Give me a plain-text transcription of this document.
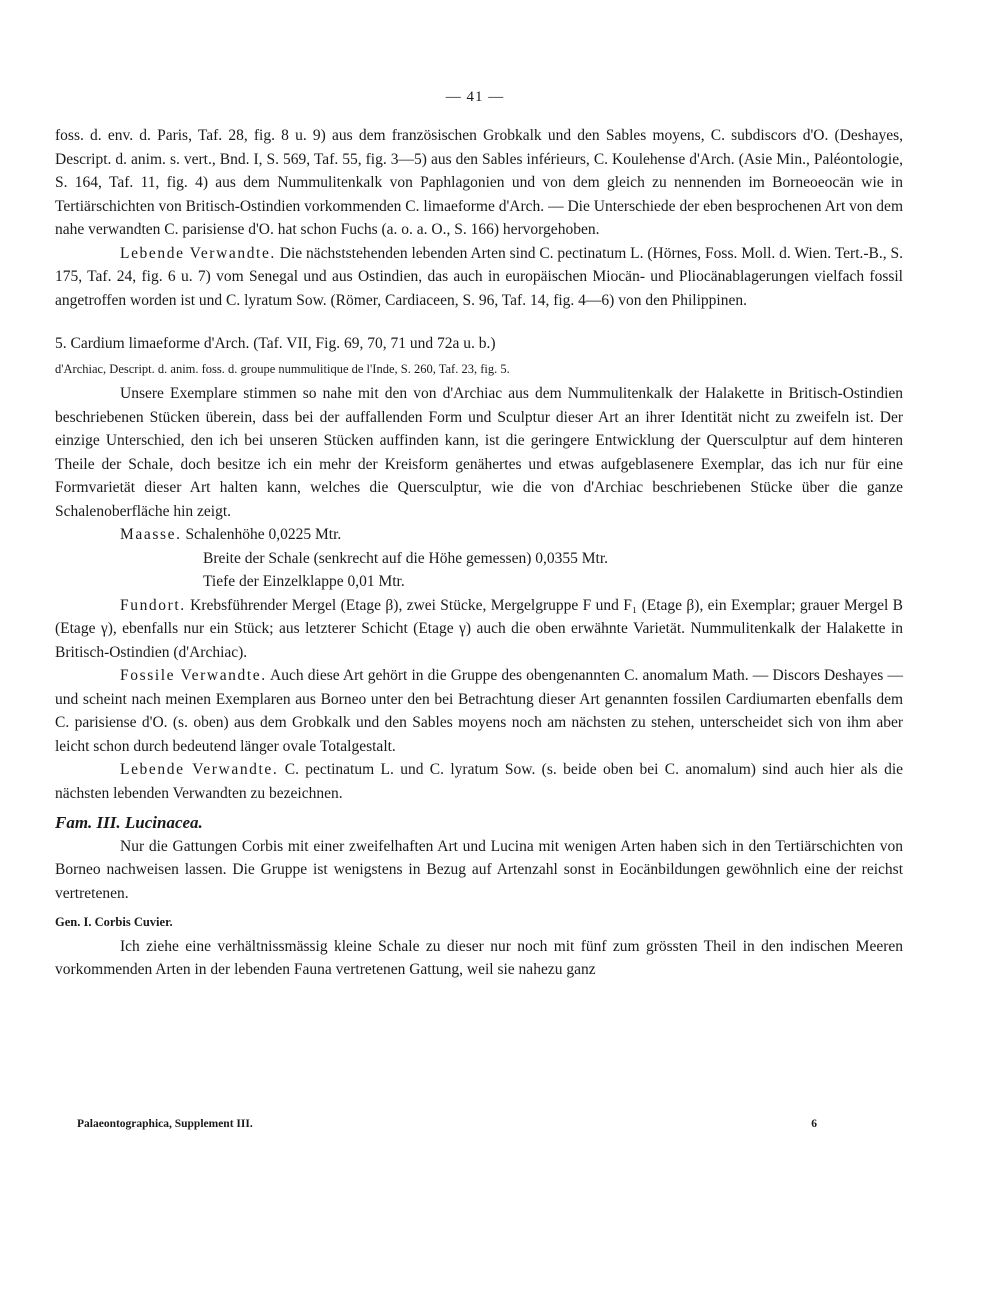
— 41 —

foss. d. env. d. Paris, Taf. 28, fig. 8 u. 9) aus dem französischen Grobkalk und den Sables moyens, C. subdiscors d'O. (Deshayes, Descript. d. anim. s. vert., Bnd. I, S. 569, Taf. 55, fig. 3—5) aus den Sables inférieurs, C. Koulehense d'Arch. (Asie Min., Paléontologie, S. 164, Taf. 11, fig. 4) aus dem Nummulitenkalk von Paphlagonien und von dem gleich zu nennenden im Borneoeocän wie in Tertiärschichten von Britisch-Ostindien vorkommenden C. limaeforme d'Arch. — Die Unterschiede der eben besprochenen Art von dem nahe verwandten C. parisiense d'O. hat schon Fuchs (a. o. a. O., S. 166) hervorgehoben.

Lebende Verwandte. Die nächststehenden lebenden Arten sind C. pectinatum L. (Hörnes, Foss. Moll. d. Wien. Tert.-B., S. 175, Taf. 24, fig. 6 u. 7) vom Senegal und aus Ostindien, das auch in europäischen Miocän- und Pliocänablagerungen vielfach fossil angetroffen worden ist und C. lyratum Sow. (Römer, Cardiaceen, S. 96, Taf. 14, fig. 4—6) von den Philippinen.

5. Cardium limaeforme d'Arch. (Taf. VII, Fig. 69, 70, 71 und 72a u. b.)

d'Archiac, Descript. d. anim. foss. d. groupe nummulitique de l'Inde, S. 260, Taf. 23, fig. 5.

Unsere Exemplare stimmen so nahe mit den von d'Archiac aus dem Nummulitenkalk der Halakette in Britisch-Ostindien beschriebenen Stücken überein, dass bei der auffallenden Form und Sculptur dieser Art an ihrer Identität nicht zu zweifeln ist. Der einzige Unterschied, den ich bei unseren Stücken auffinden kann, ist die geringere Entwicklung der Quersculptur auf dem hinteren Theile der Schale, doch besitze ich ein mehr der Kreisform genähertes und etwas aufgeblasenere Exemplar, das ich nur für eine Formvarietät dieser Art halten kann, welches die Quersculptur, wie die von d'Archiac beschriebenen Stücke über die ganze Schalenoberfläche hin zeigt.

Maasse. Schalenhöhe 0,0225 Mtr.
Breite der Schale (senkrecht auf die Höhe gemessen) 0,0355 Mtr.
Tiefe der Einzelklappe 0,01 Mtr.

Fundort. Krebsführender Mergel (Etage β), zwei Stücke, Mergelgruppe F und F₁ (Etage β), ein Exemplar; grauer Mergel B (Etage γ), ebenfalls nur ein Stück; aus letzterer Schicht (Etage γ) auch die oben erwähnte Varietät. Nummulitenkalk der Halakette in Britisch-Ostindien (d'Archiac).

Fossile Verwandte. Auch diese Art gehört in die Gruppe des obengenannten C. anomalum Math. — Discors Deshayes — und scheint nach meinen Exemplaren aus Borneo unter den bei Betrachtung dieser Art genannten fossilen Cardiumarten ebenfalls dem C. parisiense d'O. (s. oben) aus dem Grobkalk und den Sables moyens noch am nächsten zu stehen, unterscheidet sich von ihm aber leicht schon durch bedeutend länger ovale Totalgestalt.

Lebende Verwandte. C. pectinatum L. und C. lyratum Sow. (s. beide oben bei C. anomalum) sind auch hier als die nächsten lebenden Verwandten zu bezeichnen.

Fam. III. Lucinacea.

Nur die Gattungen Corbis mit einer zweifelhaften Art und Lucina mit wenigen Arten haben sich in den Tertiärschichten von Borneo nachweisen lassen. Die Gruppe ist wenigstens in Bezug auf Artenzahl sonst in Eocänbildungen gewöhnlich eine der reichst vertretenen.

Gen. I. Corbis Cuvier.

Ich ziehe eine verhältnissmässig kleine Schale zu dieser nur noch mit fünf zum grössten Theil in den indischen Meeren vorkommenden Arten in der lebenden Fauna vertretenen Gattung, weil sie nahezu ganz

Palaeontographica, Supplement III.	6
